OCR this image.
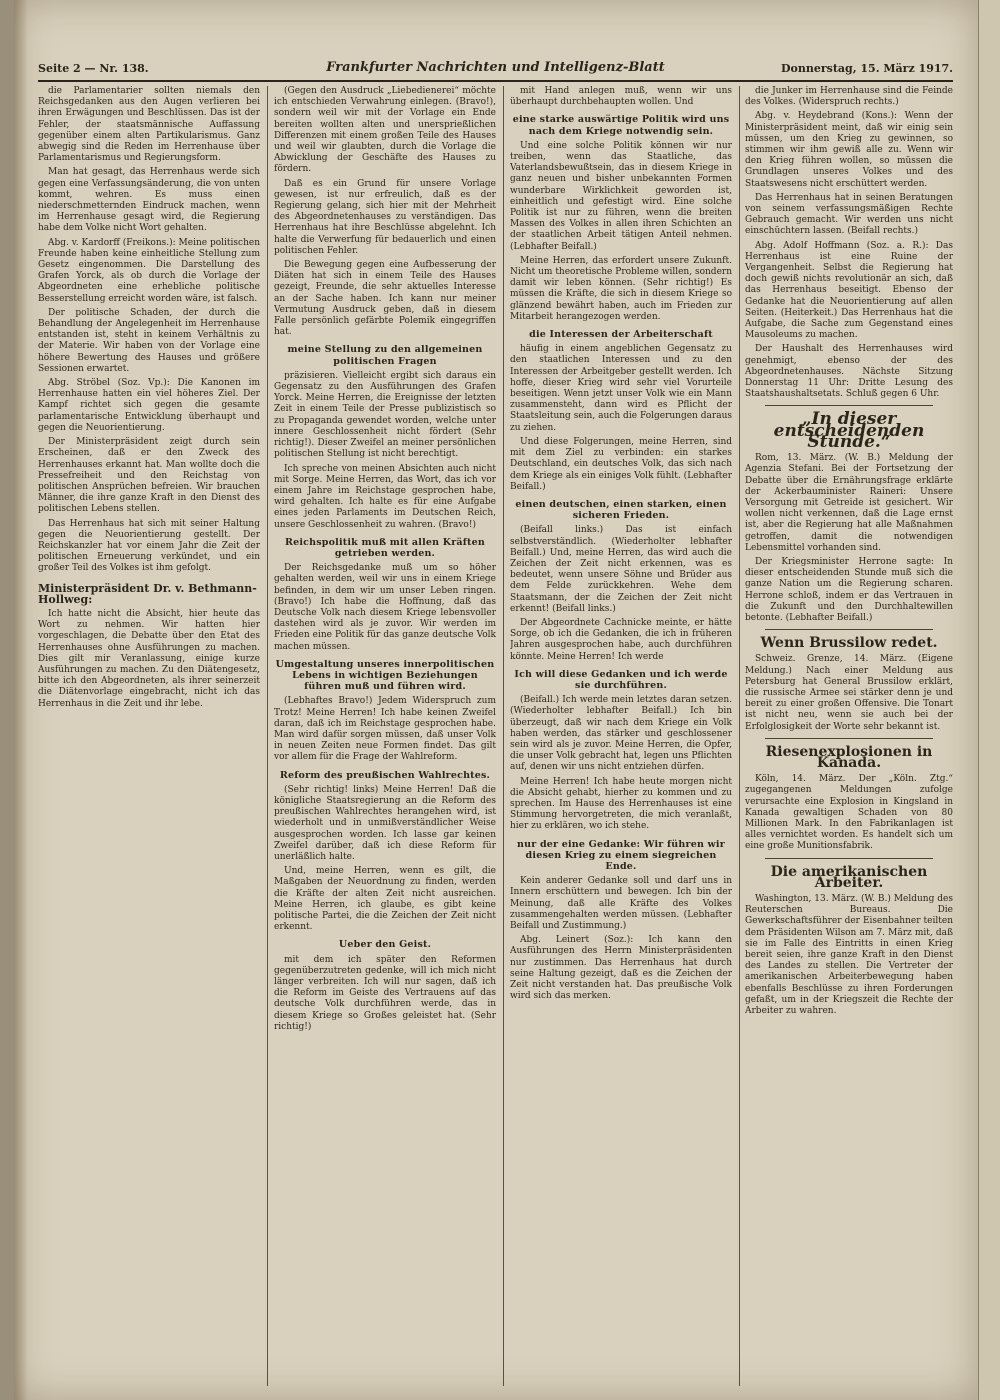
Seite 2 — Nr. 138.	Frankfurter Nachrichten und Intelligenz-Blatt	Donnerstag, 15. März 1917.

die Parlamentarier sollten niemals den Reichsgedanken aus den Augen verlieren bei ihren Erwägungen und Beschlüssen. Das ist der Fehler, der staatsmännische Auffassung gegenüber einem alten Partikularismus. Ganz abwegig sind die Reden im Herrenhause über Parlamentarismus und Regierungsform.

Man hat gesagt, das Herrenhaus werde sich gegen eine Verfassungsänderung, die von unten kommt, wehren. Es muss einen niederschmetternden Eindruck machen, wenn im Herrenhause gesagt wird, die Regierung habe dem Volke nicht Wort gehalten.

Abg. v. Kardorff (Freikons.): Meine politischen Freunde haben keine einheitliche Stellung zum Gesetz eingenommen. Die Darstellung des Grafen Yorck, als ob durch die Vorlage der Abgeordneten eine erhebliche politische Besserstellung erreicht worden wäre, ist falsch.

Der politische Schaden, der durch die Behandlung der Angelegenheit im Herrenhause entstanden ist, steht in keinem Verhältnis zu der Materie. Wir haben von der Vorlage eine höhere Bewertung des Hauses und größere Sessionen erwartet.

Abg. Ströbel (Soz. Vp.): Die Kanonen im Herrenhause hatten ein viel höheres Ziel. Der Kampf richtet sich gegen die gesamte parlamentarische Entwicklung überhaupt und gegen die Neuorientierung.

Der Ministerpräsident zeigt durch sein Erscheinen, daß er den Zweck des Herrenhauses erkannt hat. Man wollte doch die Pressefreiheit und den Reichstag von politischen Ansprüchen befreien. Wir brauchen Männer, die ihre ganze Kraft in den Dienst des politischen Lebens stellen.

Das Herrenhaus hat sich mit seiner Haltung gegen die Neuorientierung gestellt. Der Reichskanzler hat vor einem Jahr die Zeit der politischen Erneuerung verkündet, und ein großer Teil des Volkes ist ihm gefolgt.

Ministerpräsident Dr. v. Bethmann-Hollweg:

Ich hatte nicht die Absicht, hier heute das Wort zu nehmen. Wir hatten hier vorgeschlagen, die Debatte über den Etat des Herrenhauses ohne Ausführungen zu machen. Dies gilt mir Veranlassung, einige kurze Ausführungen zu machen. Zu den Diätengesetz, bitte ich den Abgeordneten, als ihrer seinerzeit die Diätenvorlage eingebracht, nicht ich das Herrenhaus in die Zeit und ihr lebe.

(Gegen den Ausdruck „Liebedienerei“ möchte ich entschieden Verwahrung einlegen. (Bravo!), sondern weil wir mit der Vorlage ein Ende bereiten wollten alten und unersprießlichen Differenzen mit einem großen Teile des Hauses und weil wir glaubten, durch die Vorlage die Abwicklung der Geschäfte des Hauses zu fördern.

Daß es ein Grund für unsere Vorlage gewesen, ist nur erfreulich, daß es der Regierung gelang, sich hier mit der Mehrheit des Abgeordnetenhauses zu verständigen. Das Herrenhaus hat ihre Beschlüsse abgelehnt. Ich halte die Verwerfung für bedauerlich und einen politischen Fehler.

Die Bewegung gegen eine Aufbesserung der Diäten hat sich in einem Teile des Hauses gezeigt, Freunde, die sehr aktuelles Interesse an der Sache haben. Ich kann nur meiner Vermutung Ausdruck geben, daß in diesem Falle persönlich gefärbte Polemik eingegriffen hat.

meine Stellung zu den allgemeinen politischen Fragen

präzisieren. Vielleicht ergibt sich daraus ein Gegensatz zu den Ausführungen des Grafen Yorck. Meine Herren, die Ereignisse der letzten Zeit in einem Teile der Presse publizistisch so zu Propaganda gewendet worden, welche unter innere Geschlossenheit nicht fördert (Sehr richtig!). Dieser Zweifel an meiner persönlichen politischen Stellung ist nicht berechtigt.

Ich spreche von meinen Absichten auch nicht mit Sorge. Meine Herren, das Wort, das ich vor einem Jahre im Reichstage gesprochen habe, wird gehalten. Ich halte es für eine Aufgabe eines jeden Parlaments im Deutschen Reich, unsere Geschlossenheit zu wahren. (Bravo!)

Reichspolitik muß mit allen Kräften getrieben werden.

Der Reichsgedanke muß um so höher gehalten werden, weil wir uns in einem Kriege befinden, in dem wir um unser Leben ringen. (Bravo!) Ich habe die Hoffnung, daß das Deutsche Volk nach diesem Kriege lebensvoller dastehen wird als je zuvor. Wir werden im Frieden eine Politik für das ganze deutsche Volk machen müssen.

Umgestaltung unseres innerpolitischen Lebens in wichtigen Beziehungen führen muß und führen wird.

(Lebhaftes Bravo!) Jedem Widerspruch zum Trotz! Meine Herren! Ich habe keinen Zweifel daran, daß ich im Reichstage gesprochen habe. Man wird dafür sorgen müssen, daß unser Volk in neuen Zeiten neue Formen findet. Das gilt vor allem für die Frage der Wahlreform.

Reform des preußischen Wahlrechtes.

(Sehr richtig! links) Meine Herren! Daß die königliche Staatsregierung an die Reform des preußischen Wahlrechtes herangehen wird, ist wiederholt und in unmißverständlicher Weise ausgesprochen worden. Ich lasse gar keinen Zweifel darüber, daß ich diese Reform für unerläßlich halte.

Und, meine Herren, wenn es gilt, die Maßgaben der Neuordnung zu finden, werden die Kräfte der alten Zeit nicht ausreichen. Meine Herren, ich glaube, es gibt keine politische Partei, die die Zeichen der Zeit nicht erkennt.

Ueber den Geist.

mit dem ich später den Reformen gegenüberzutreten gedenke, will ich mich nicht länger verbreiten. Ich will nur sagen, daß ich die Reform im Geiste des Vertrauens auf das deutsche Volk durchführen werde, das in diesem Kriege so Großes geleistet hat. (Sehr richtig!)

mit Hand anlegen muß, wenn wir uns überhaupt durchbehaupten wollen. Und

eine starke auswärtige Politik wird uns nach dem Kriege notwendig sein.

Und eine solche Politik können wir nur treiben, wenn das Staatliche, das Vaterlandsbewußtsein, das in diesem Kriege in ganz neuen und bisher unbekannten Formen wunderbare Wirklichkeit geworden ist, einheitlich und gefestigt wird. Eine solche Politik ist nur zu führen, wenn die breiten Massen des Volkes in allen ihren Schichten an der staatlichen Arbeit tätigen Anteil nehmen. (Lebhafter Beifall.)

Meine Herren, das erfordert unsere Zukunft. Nicht um theoretische Probleme willen, sondern damit wir leben können. (Sehr richtig!) Es müssen die Kräfte, die sich in diesem Kriege so glänzend bewährt haben, auch im Frieden zur Mitarbeit herangezogen werden.

die Interessen der Arbeiterschaft

häufig in einem angeblichen Gegensatz zu den staatlichen Interessen und zu den Interessen der Arbeitgeber gestellt werden. Ich hoffe, dieser Krieg wird sehr viel Vorurteile beseitigen. Wenn jetzt unser Volk wie ein Mann zusammensteht, dann wird es Pflicht der Staatsleitung sein, auch die Folgerungen daraus zu ziehen.

Und diese Folgerungen, meine Herren, sind mit dem Ziel zu verbinden: ein starkes Deutschland, ein deutsches Volk, das sich nach dem Kriege als ein einiges Volk fühlt. (Lebhafter Beifall.)

einen deutschen, einen starken, einen sicheren Frieden.

(Beifall links.) Das ist einfach selbstverständlich. (Wiederholter lebhafter Beifall.) Und, meine Herren, das wird auch die Zeichen der Zeit nicht erkennen, was es bedeutet, wenn unsere Söhne und Brüder aus dem Felde zurückkehren. Wehe dem Staatsmann, der die Zeichen der Zeit nicht erkennt! (Beifall links.)

Der Abgeordnete Cachnicke meinte, er hätte Sorge, ob ich die Gedanken, die ich in früheren Jahren ausgesprochen habe, auch durchführen könnte. Meine Herren! Ich werde

Ich will diese Gedanken und ich werde sie durchführen.

(Beifall.) Ich werde mein letztes daran setzen. (Wiederholter lebhafter Beifall.) Ich bin überzeugt, daß wir nach dem Kriege ein Volk haben werden, das stärker und geschlossener sein wird als je zuvor. Meine Herren, die Opfer, die unser Volk gebracht hat, legen uns Pflichten auf, denen wir uns nicht entziehen dürfen.

Meine Herren! Ich habe heute morgen nicht die Absicht gehabt, hierher zu kommen und zu sprechen. Im Hause des Herrenhauses ist eine Stimmung hervorgetreten, die mich veranlaßt, hier zu erklären, wo ich stehe.

nur der eine Gedanke: Wir führen wir diesen Krieg zu einem siegreichen Ende.

Kein anderer Gedanke soll und darf uns in Innern erschüttern und bewegen. Ich bin der Meinung, daß alle Kräfte des Volkes zusammengehalten werden müssen. (Lebhafter Beifall und Zustimmung.)

Abg. Leinert (Soz.): Ich kann den Ausführungen des Herrn Ministerpräsidenten nur zustimmen. Das Herrenhaus hat durch seine Haltung gezeigt, daß es die Zeichen der Zeit nicht verstanden hat. Das preußische Volk wird sich das merken.

die Junker im Herrenhause sind die Feinde des Volkes. (Widerspruch rechts.)

Abg. v. Heydebrand (Kons.): Wenn der Ministerpräsident meint, daß wir einig sein müssen, um den Krieg zu gewinnen, so stimmen wir ihm gewiß alle zu. Wenn wir den Krieg führen wollen, so müssen die Grundlagen unseres Volkes und des Staatswesens nicht erschüttert werden.

Das Herrenhaus hat in seinen Beratungen von seinem verfassungsmäßigen Rechte Gebrauch gemacht. Wir werden uns nicht einschüchtern lassen. (Beifall rechts.)

Abg. Adolf Hoffmann (Soz. a. R.): Das Herrenhaus ist eine Ruine der Vergangenheit. Selbst die Regierung hat doch gewiß nichts revolutionär an sich, daß das Herrenhaus beseitigt. Ebenso der Gedanke hat die Neuorientierung auf allen Seiten. (Heiterkeit.) Das Herrenhaus hat die Aufgabe, die Sache zum Gegenstand eines Mausoleums zu machen.

Der Haushalt des Herrenhauses wird genehmigt, ebenso der des Abgeordnetenhauses. Nächste Sitzung Donnerstag 11 Uhr: Dritte Lesung des Staatshaushaltsetats. Schluß gegen 6 Uhr.

„In dieser entscheidenden Stunde.“

Rom, 13. März. (W. B.) Meldung der Agenzia Stefani. Bei der Fortsetzung der Debatte über die Ernährungsfrage erklärte der Ackerbauminister Raineri: Unsere Versorgung mit Getreide ist gesichert. Wir wollen nicht verkennen, daß die Lage ernst ist, aber die Regierung hat alle Maßnahmen getroffen, damit die notwendigen Lebensmittel vorhanden sind.

Der Kriegsminister Herrone sagte: In dieser entscheidenden Stunde muß sich die ganze Nation um die Regierung scharen. Herrone schloß, indem er das Vertrauen in die Zukunft und den Durchhaltewillen betonte. (Lebhafter Beifall.)

Wenn Brussilow redet.

Schweiz. Grenze, 14. März. (Eigene Meldung.) Nach einer Meldung aus Petersburg hat General Brussilow erklärt, die russische Armee sei stärker denn je und bereit zu einer großen Offensive. Die Tonart ist nicht neu, wenn sie auch bei der Erfolglosigkeit der Worte sehr bekannt ist.

Riesenexplosionen in Kanada.

Köln, 14. März. Der „Köln. Ztg.“ zugegangenen Meldungen zufolge verursachte eine Explosion in Kingsland in Kanada gewaltigen Schaden von 80 Millionen Mark. In den Fabrikanlagen ist alles vernichtet worden. Es handelt sich um eine große Munitionsfabrik.

Die amerikanischen Arbeiter.

Washington, 13. März. (W. B.) Meldung des Reuterschen Bureaus. Die Gewerkschaftsführer der Eisenbahner teilten dem Präsidenten Wilson am 7. März mit, daß sie im Falle des Eintritts in einen Krieg bereit seien, ihre ganze Kraft in den Dienst des Landes zu stellen. Die Vertreter der amerikanischen Arbeiterbewegung haben ebenfalls Beschlüsse zu ihren Forderungen gefaßt, um in der Kriegszeit die Rechte der Arbeiter zu wahren.
